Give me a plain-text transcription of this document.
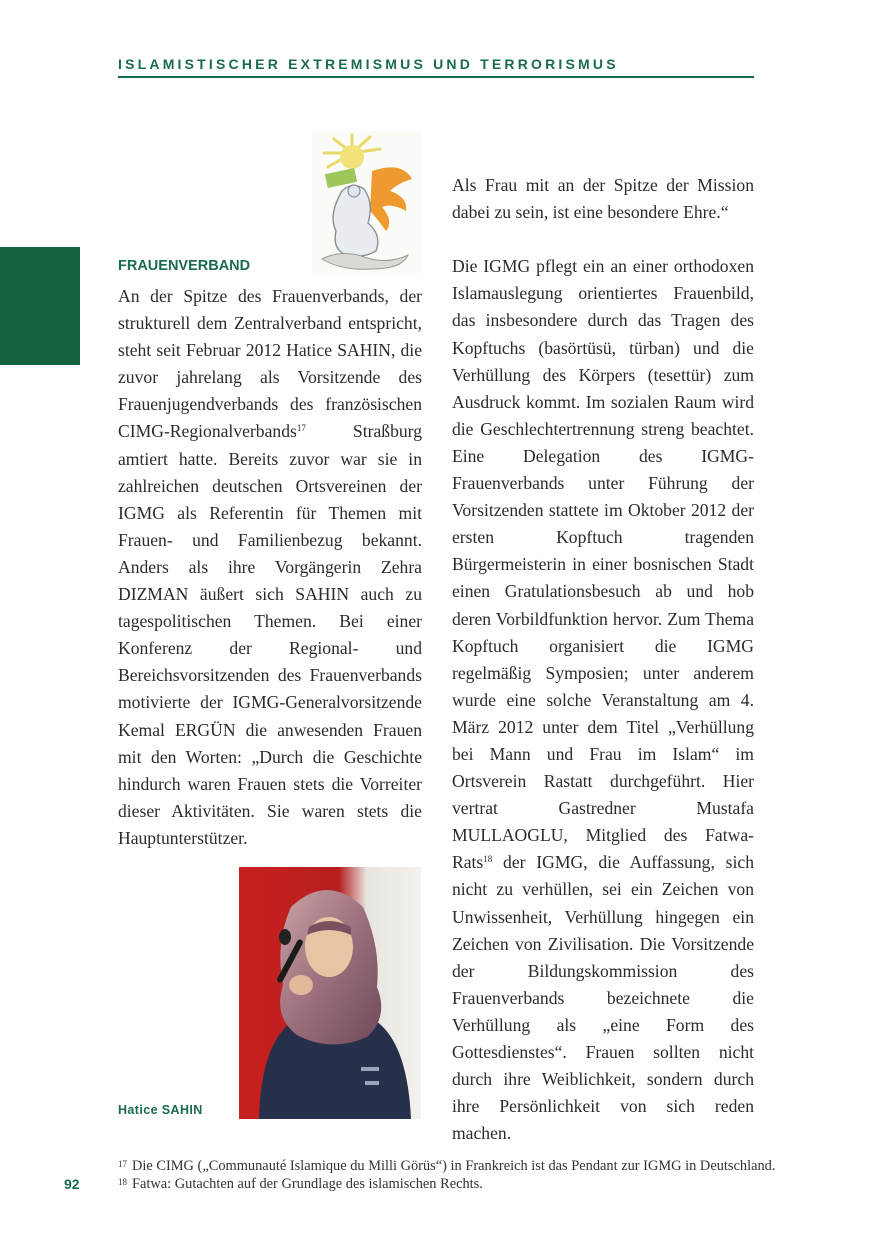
ISLAMISTISCHER EXTREMISMUS UND TERRORISMUS
FRAUENVERBAND

An der Spitze des Frauenverbands, der strukturell dem Zentralverband entspricht, steht seit Februar 2012 Hatice SAHIN, die zuvor jahrelang als Vorsitzende des Frauenjugendverbands des französischen CIMG-Regionalverbands$^{17}$ Straßburg amtiert hatte. Bereits zuvor war sie in zahlreichen deutschen Ortsvereinen der IGMG als Referentin für Themen mit Frauen- und Familienbezug bekannt. Anders als ihre Vorgängerin Zehra DIZMAN äußert sich SAHIN auch zu tagespolitischen Themen. Bei einer Konferenz der Regional- und Bereichsvorsitzenden des Frauenverbands motivierte der IGMG-Generalvorsitzende Kemal ERGÜN die anwesenden Frauen mit den Worten: „Durch die Geschichte hindurch waren Frauen stets die Vorreiter dieser Aktivitäten. Sie waren stets die Hauptunterstützer.

Als Frau mit an der Spitze der Mission dabei zu sein, ist eine besondere Ehre.“

Die IGMG pflegt ein an einer orthodoxen Islamauslegung orientiertes Frauenbild, das insbesondere durch das Tragen des Kopftuchs (basörtüsü, türban) und die Verhüllung des Körpers (tesettür) zum Ausdruck kommt. Im sozialen Raum wird die Geschlechtertrennung streng beachtet. Eine Delegation des IGMG-Frauenverbands unter Führung der Vorsitzenden stattete im Oktober 2012 der ersten Kopftuch tragenden Bürgermeisterin in einer bosnischen Stadt einen Gratulationsbesuch ab und hob deren Vorbildfunktion hervor. Zum Thema Kopftuch organisiert die IGMG regelmäßig Symposien; unter anderem wurde eine solche Veranstaltung am 4. März 2012 unter dem Titel „Verhüllung bei Mann und Frau im Islam“ im Ortsverein Rastatt durchgeführt. Hier vertrat Gastredner Mustafa MULLAOGLU, Mitglied des Fatwa-Rats$^{18}$ der IGMG, die Auffassung, sich nicht zu verhüllen, sei ein Zeichen von Unwissenheit, Verhüllung hingegen ein Zeichen von Zivilisation. Die Vorsitzende der Bildungskommission des Frauenverbands bezeichnete die Verhüllung als „eine Form des Gottesdienstes“. Frauen sollten nicht durch ihre Weiblichkeit, sondern durch ihre Persönlichkeit von sich reden machen.

Hatice SAHIN
17 Die CIMG („Communauté Islamique du Milli Görüs“) in Frankreich ist das Pendant zur IGMG in Deutschland.
18 Fatwa: Gutachten auf der Grundlage des islamischen Rechts.
92
